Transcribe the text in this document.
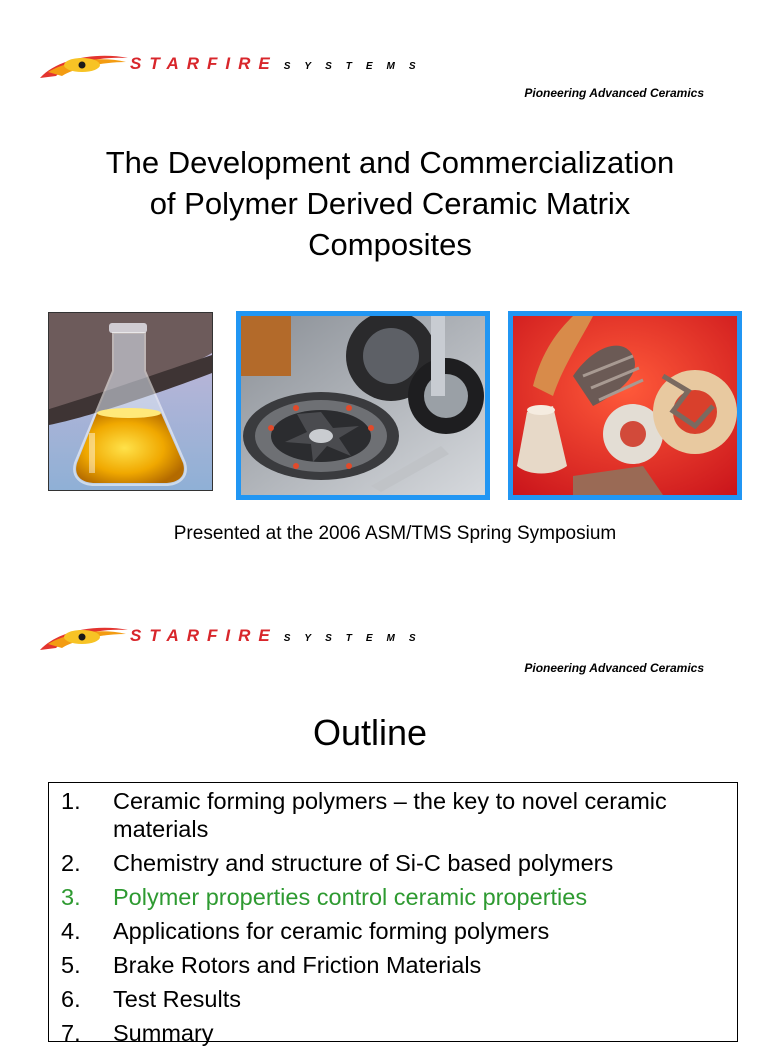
STARFIRE SYSTEMS
Pioneering Advanced Ceramics
The Development and Commercialization
of Polymer Derived Ceramic Matrix
Composites
Presented at the 2006 ASM/TMS Spring Symposium
STARFIRE SYSTEMS
Pioneering Advanced Ceramics
Outline
1. Ceramic forming polymers – the key to novel ceramic materials
2. Chemistry and structure of Si-C based polymers
3. Polymer properties control ceramic properties
4. Applications for ceramic forming polymers
5. Brake Rotors and Friction Materials
6. Test Results
7. Summary
